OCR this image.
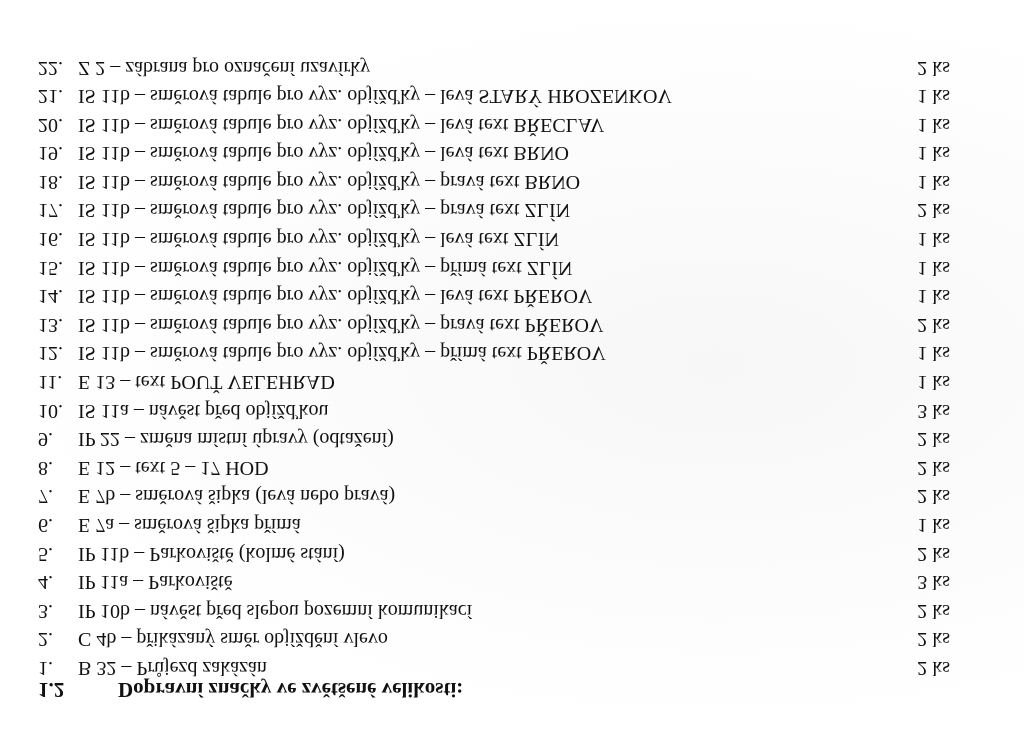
1.2	Dopravní značky ve zvětšené velikosti:
1.	B 32 – Průjezd zakázán	2 ks
2.	C 4b – přikázaný směr objíždění vlevo	2 ks
3.	IP 10b – návěst před slepou pozemní komunikací	2 ks
4.	IP 11a – Parkoviště	3 ks
5.	IP 11b – Parkoviště (kolmé stání)	2 ks
6.	E 7a – směrová šipka přímá	1 ks
7.	E 7b – směrová šipka (levá nebo pravá)	2 ks
8.	E 12 – text 5 – 17 HOD	2 ks
9.	IP 22 – změna místní úpravy (odtažení)	2 ks
10. IS 11a – návěst před objížďkou	3 ks
11. E 13 – text POUŤ VELEHRAD	1 ks
12. IS 11b – směrová tabule pro vyz. objížďky – přímá text PŘEROV	1 ks
13. IS 11b – směrová tabule pro vyz. objížďky – pravá text PŘEROV	2 ks
14. IS 11b – směrová tabule pro vyz. objížďky – levá text PŘEROV	1 ks
15. IS 11b – směrová tabule pro vyz. objížďky – přímá text ZLÍN	1 ks
16. IS 11b – směrová tabule pro vyz. objížďky – levá text ZLÍN	1 ks
17. IS 11b – směrová tabule pro vyz. objížďky – pravá text ZLÍN	2 ks
18. IS 11b – směrová tabule pro vyz. objížďky – pravá text BRNO	1 ks
19. IS 11b – směrová tabule pro vyz. objížďky – levá text BRNO	1 ks
20. IS 11b – směrová tabule pro vyz. objížďky – levá text BŘECLAV	1 ks
21. IS 11b – směrová tabule pro vyz. objížďky – levá STARÝ HROZENKOV	1 ks
22. Z 2 – zábrana pro označení uzavírky	2 ks
